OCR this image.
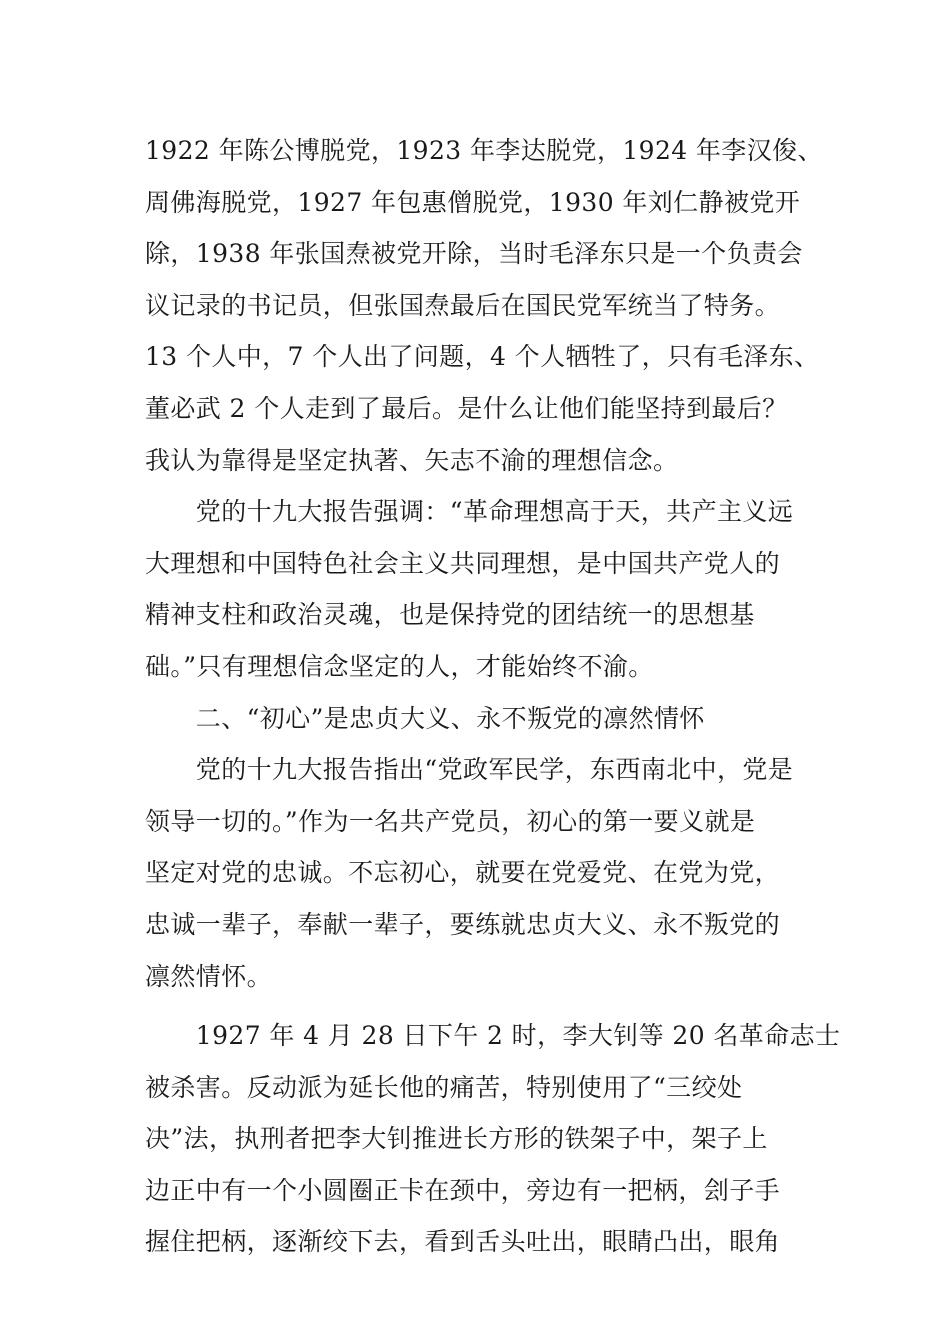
1922 年陈公博脱党，1923 年李达脱党，1924 年李汉俊、
周佛海脱党，1927 年包惠僧脱党，1930 年刘仁静被党开
除，1938 年张国焘被党开除，当时毛泽东只是一个负责会
议记录的书记员，但张国焘最后在国民党军统当了特务。
13 个人中，7 个人出了问题，4 个人牺牲了，只有毛泽东、
董必武 2 个人走到了最后。是什么让他们能坚持到最后？
我认为靠得是坚定执著、矢志不渝的理想信念。
　　党的十九大报告强调：“革命理想高于天，共产主义远
大理想和中国特色社会主义共同理想，是中国共产党人的
精神支柱和政治灵魂，也是保持党的团结统一的思想基
础。”只有理想信念坚定的人，才能始终不渝。
　　二、“初心”是忠贞大义、永不叛党的凛然情怀
　　党的十九大报告指出“党政军民学，东西南北中，党是
领导一切的。”作为一名共产党员，初心的第一要义就是
坚定对党的忠诚。不忘初心，就要在党爱党、在党为党，
忠诚一辈子，奉献一辈子，要练就忠贞大义、永不叛党的
凛然情怀。
　　1927 年 4 月 28 日下午 2 时，李大钊等 20 名革命志士
被杀害。反动派为延长他的痛苦，特别使用了“三绞处
决”法，执刑者把李大钊推进长方形的铁架子中，架子上
边正中有一个小圆圈正卡在颈中，旁边有一把柄，刽子手
握住把柄，逐渐绞下去，看到舌头吐出，眼睛凸出，眼角
